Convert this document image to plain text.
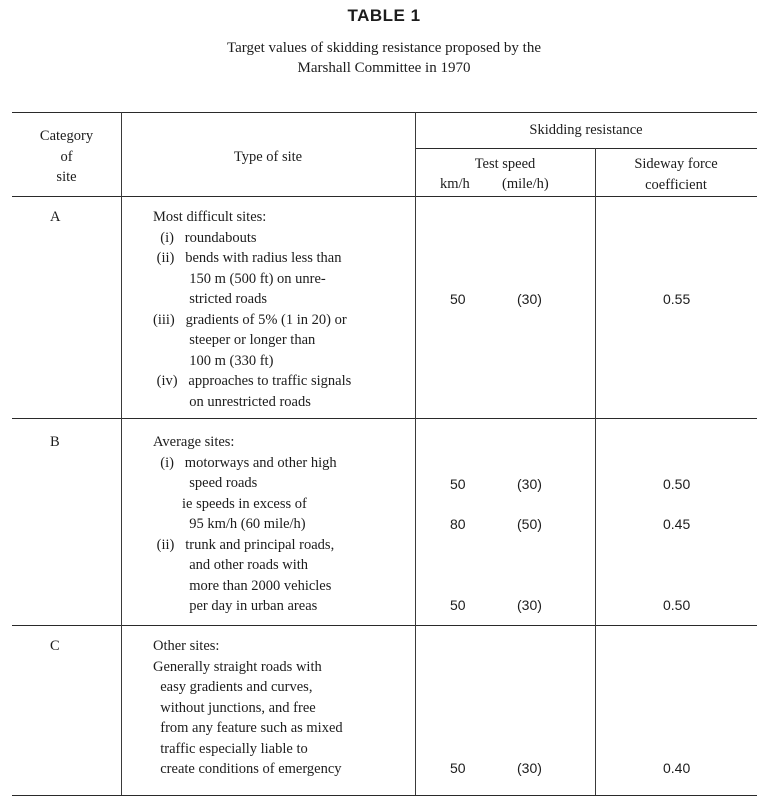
TABLE 1
Target values of skidding resistance proposed by the
Marshall Committee in 1970
Category
of
site
Type of site
Skidding resistance
Test speed
km/h (mile/h)
Sideway force
coefficient
A	Most difficult sites:
(i)   roundabouts
(ii)   bends with radius less than
150 m (500 ft) on unre-
stricted roads
(iii)   gradients of 5% (1 in 20) or
steeper or longer than
100 m (330 ft)
(iv)   approaches to traffic signals
on unrestricted roads
50	(30)	0.55
B	Average sites:
(i)   motorways and other high
speed roads
ie speeds in excess of
95 km/h (60 mile/h)
(ii)   trunk and principal roads,
and other roads with
more than 2000 vehicles
per day in urban areas
50	(30)	0.50
80	(50)	0.45
50	(30)	0.50
C	Other sites:
Generally straight roads with
easy gradients and curves,
without junctions, and free
from any feature such as mixed
traffic especially liable to
create conditions of emergency	50	(30)	0.40
